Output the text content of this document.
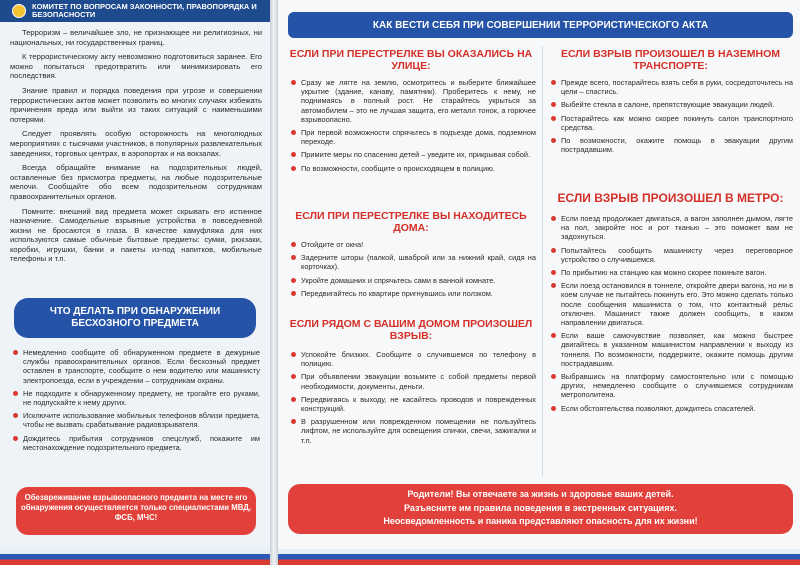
КОМИТЕТ ПО ВОПРОСАМ ЗАКОННОСТИ, ПРАВОПОРЯДКА И БЕЗОПАСНОСТИ

Терроризм – величайшее зло, не признающее ни религиозных, ни национальных, ни государственных границ.

К террористическому акту невозможно подготовиться заранее. Его можно попытаться предотвратить или минимизировать его последствия.

Знание правил и порядка поведения при угрозе и совершении террористических актов может позволить во многих случаях избежать причинения вреда или выйти из таких ситуаций с наименьшими потерями.

Следует проявлять особую осторожность на многолюдных мероприятиях с тысячами участников, в популярных развлекательных заведениях, торговых центрах, в аэропортах и на вокзалах.

Всегда обращайте внимание на подозрительных людей, оставленные без присмотра предметы, на любые подозрительные мелочи. Сообщайте обо всем подозрительном сотрудникам правоохранительных органов.

Помните: внешний вид предмета может скрывать его истинное назначение. Самодельные взрывные устройства в повседневной жизни не бросаются в глаза. В качестве камуфляжа для них используются самые обычные бытовые предметы: сумки, рюкзаки, коробки, игрушки, банки и пакеты из-под напитков, мобильные телефоны и т.п.

ЧТО ДЕЛАТЬ ПРИ ОБНАРУЖЕНИИ БЕСХОЗНОГО ПРЕДМЕТА
Немедленно сообщите об обнаруженном предмете в дежурные службы правоохранительных органов. Если бесхозный предмет оставлен в транспорте, сообщите о нем водителю или машинисту электропоезда, если в учреждении – сотрудникам охраны.
Не подходите к обнаруженному предмету, не трогайте его руками, не подпускайте к нему других.
Исключите использование мобильных телефонов вблизи предмета, чтобы не вызвать срабатывание радиовзрывателя.
Дождитесь прибытия сотрудников спецслужб, покажите им местонахождение подозрительного предмета.
Обезвреживание взрывоопасного предмета на месте его обнаружения осуществляется только специалистами МВД, ФСБ, МЧС!
КАК ВЕСТИ СЕБЯ ПРИ СОВЕРШЕНИИ ТЕРРОРИСТИЧЕСКОГО АКТА
ЕСЛИ ПРИ ПЕРЕСТРЕЛКЕ ВЫ ОКАЗАЛИСЬ НА УЛИЦЕ:
Сразу же лягте на землю, осмотритесь и выберите ближайшее укрытие (здание, канаву, памятник). Проберитесь к нему, не поднимаясь в полный рост. Не старайтесь укрыться за автомобилем – это не лучшая защита, его металл тонок, а горючее взрывоопасно.
При первой возможности спрячьтесь в подъезде дома, подземном переходе.
Примите меры по спасению детей – уведите их, прикрывая собой.
По возможности, сообщите о происходящем в полицию.
ЕСЛИ ПРИ ПЕРЕСТРЕЛКЕ ВЫ НАХОДИТЕСЬ ДОМА:
Отойдите от окна!
Задерните шторы (палкой, шваброй или за нижний край, сидя на корточках).
Укройте домашних и спрячьтесь сами в ванной комнате.
Передвигайтесь по квартире пригнувшись или ползком.
ЕСЛИ РЯДОМ С ВАШИМ ДОМОМ ПРОИЗОШЕЛ ВЗРЫВ:
Успокойте близких. Сообщите о случившемся по телефону в полицию.
При объявлении эвакуации возьмите с собой предметы первой необходимости, документы, деньги.
Передвигаясь к выходу, не касайтесь проводов и поврежденных конструкций.
В разрушенном или поврежденном помещении не пользуйтесь лифтом, не используйте для освещения спички, свечи, зажигалки и т.п.
ЕСЛИ ВЗРЫВ ПРОИЗОШЕЛ В НАЗЕМНОМ ТРАНСПОРТЕ:
Прежде всего, постарайтесь взять себя в руки, сосредоточьтесь на цели – спастись.
Выбейте стекла в салоне, препятствующие эвакуации людей.
Постарайтесь как можно скорее покинуть салон транспортного средства.
По возможности, окажите помощь в эвакуации другим пострадавшим.
ЕСЛИ ВЗРЫВ ПРОИЗОШЕЛ В МЕТРО:
Если поезд продолжает двигаться, а вагон заполнен дымом, лягте на пол, закройте нос и рот тканью – это поможет вам не задохнуться.
Попытайтесь сообщить машинисту через переговорное устройство о случившемся.
По прибытию на станцию как можно скорее покиньте вагон.
Если поезд остановился в тоннеле, откройте двери вагона, но ни в коем случае не пытайтесь покинуть его. Это можно сделать только после сообщения машиниста о том, что контактный рельс отключен. Машинист также должен сообщить, в каком направлении двигаться.
Если ваше самочувствие позволяет, как можно быстрее двигайтесь в указанном машинистом направлении к выходу из тоннеля. По возможности, поддержите, окажите помощь другим пострадавшим.
Выбравшись на платформу самостоятельно или с помощью других, немедленно сообщите о случившемся сотрудникам метрополитена.
Если обстоятельства позволяют, дождитесь спасателей.
Родители! Вы отвечаете за жизнь и здоровье ваших детей.
Разъясните им правила поведения в экстренных ситуациях.
Неосведомленность и паника представляют опасность для их жизни!
